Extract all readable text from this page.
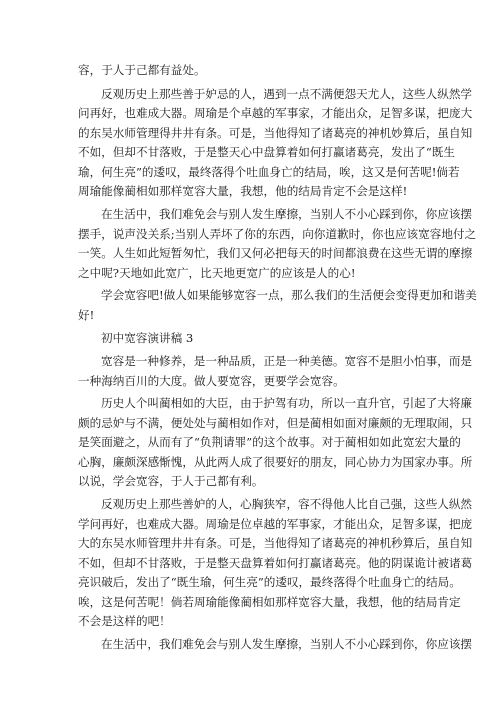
容，于人于己都有益处。
反观历史上那些善于妒忌的人，遇到一点不满便怨天尤人，这些人纵然学
问再好，也难成大器。周瑜是个卓越的军事家，才能出众，足智多谋，把庞大
的东吴水师管理得井井有条。可是，当他得知了诸葛亮的神机妙算后，虽自知
不如，但却不甘落败，于是整天心中盘算着如何打赢诸葛亮，发出了“既生
瑜，何生亮”的逶叹，最终落得个吐血身亡的结局，唉，这又是何苦呢!倘若
周瑜能像蔺相如那样宽容大量，我想，他的结局肯定不会是这样!
在生活中，我们难免会与别人发生摩擦，当别人不小心踩到你，你应该摆
摆手，说声没关系;当别人弄坏了你的东西，向你道歉时，你也应该宽容地付之
一笑。人生如此短暂匆忙，我们又何必把每天的时间都浪费在这些无谓的摩擦
之中呢?天地如此宽广，比天地更宽广的应该是人的心!
学会宽容吧!做人如果能够宽容一点，那么我们的生活便会变得更加和谐美
好!
初中宽容演讲稿 3
宽容是一种修养，是一种品质，正是一种美德。宽容不是胆小怕事，而是
一种海纳百川的大度。做人要宽容，更要学会宽容。
历史人个叫蔺相如的大臣，由于护驾有功，所以一直升官，引起了大将廉
颇的忌妒与不满，便处处与蔺相如作对，但是蔺相如面对廉颇的无理取闹，只
是笑面避之，从而有了“负荆请罪”的这个故事。对于蔺相如如此宽宏大量的
心胸，廉颇深感惭愧，从此两人成了很要好的朋友，同心协力为国家办事。所
以说，学会宽容，于人于己都有利。
反观历史上那些善妒的人，心胸狭窄，容不得他人比自己强，这些人纵然
学问再好，也难成大器。周瑜是位卓越的军事家，才能出众，足智多谋，把庞
大的东吴水师管理井井有条。可是，当他得知了诸葛亮的神机秒算后，虽自知
不如，但却不甘落败，于是整天盘算着如何打赢诸葛亮。他的阴谋诡计被诸葛
亮识破后，发出了“既生瑜，何生亮”的逶叹，最终落得个吐血身亡的结局。
唉，这是何苦呢！倘若周瑜能像蔺相如那样宽容大量，我想，他的结局肯定
不会是这样的吧！
在生活中，我们难免会与别人发生摩擦，当别人不小心踩到你，你应该摆
